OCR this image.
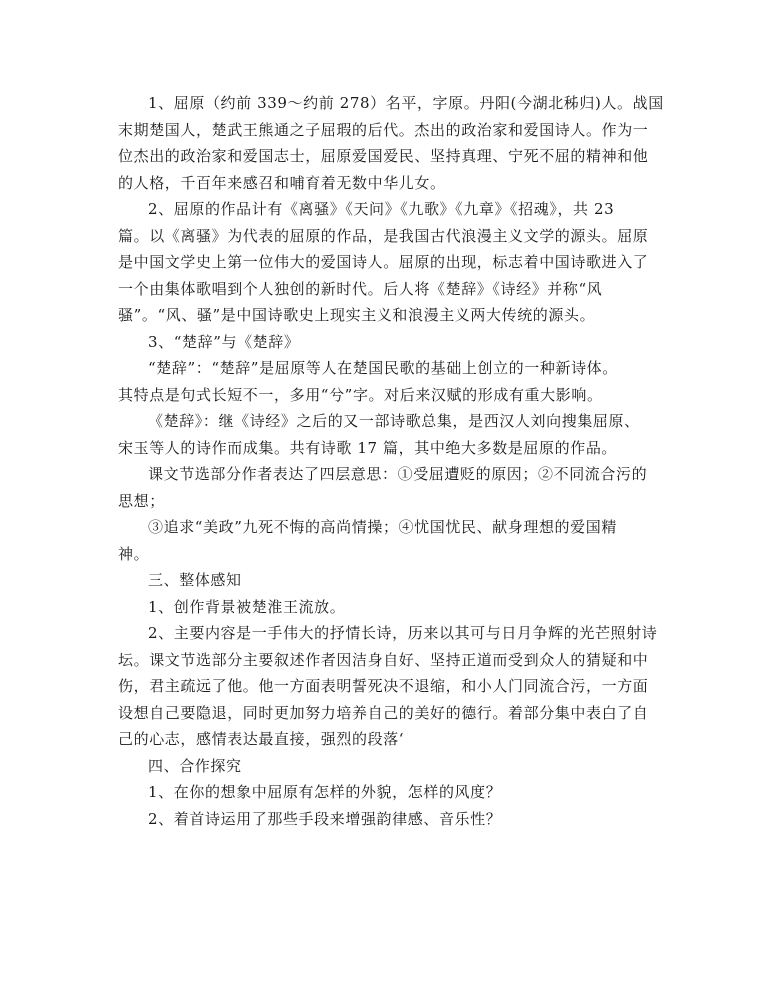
1、屈原（约前 339～约前 278）名平，字原。丹阳(今湖北秭归)人。战国
末期楚国人，楚武王熊通之子屈瑕的后代。杰出的政治家和爱国诗人。作为一
位杰出的政治家和爱国志士，屈原爱国爱民、坚持真理、宁死不屈的精神和他
的人格，千百年来感召和哺育着无数中华儿女。
2、屈原的作品计有《离骚》《天问》《九歌》《九章》《招魂》，共 23
篇。以《离骚》为代表的屈原的作品，是我国古代浪漫主义文学的源头。屈原
是中国文学史上第一位伟大的爱国诗人。屈原的出现，标志着中国诗歌进入了
一个由集体歌唱到个人独创的新时代。后人将《楚辞》《诗经》并称“风
骚”。“风、骚”是中国诗歌史上现实主义和浪漫主义两大传统的源头。
3、“楚辞”与《楚辞》
“楚辞”：“楚辞”是屈原等人在楚国民歌的基础上创立的一种新诗体。
其特点是句式长短不一，多用“兮”字。对后来汉赋的形成有重大影响。
《楚辞》：继《诗经》之后的又一部诗歌总集，是西汉人刘向搜集屈原、
宋玉等人的诗作而成集。共有诗歌 17 篇，其中绝大多数是屈原的作品。
课文节选部分作者表达了四层意思：①受屈遭贬的原因；②不同流合污的
思想；
③追求“美政”九死不悔的高尚情操；④忧国忧民、献身理想的爱国精
神。
三、整体感知
1、创作背景被楚淮王流放。
2、主要内容是一手伟大的抒情长诗，历来以其可与日月争辉的光芒照射诗
坛。课文节选部分主要叙述作者因洁身自好、坚持正道而受到众人的猜疑和中
伤，君主疏远了他。他一方面表明誓死决不退缩，和小人门同流合污，一方面
设想自己要隐退，同时更加努力培养自己的美好的德行。着部分集中表白了自
己的心志，感情表达最直接，强烈的段落‘
四、合作探究
1、在你的想象中屈原有怎样的外貌，怎样的风度？
2、着首诗运用了那些手段来增强韵律感、音乐性？
